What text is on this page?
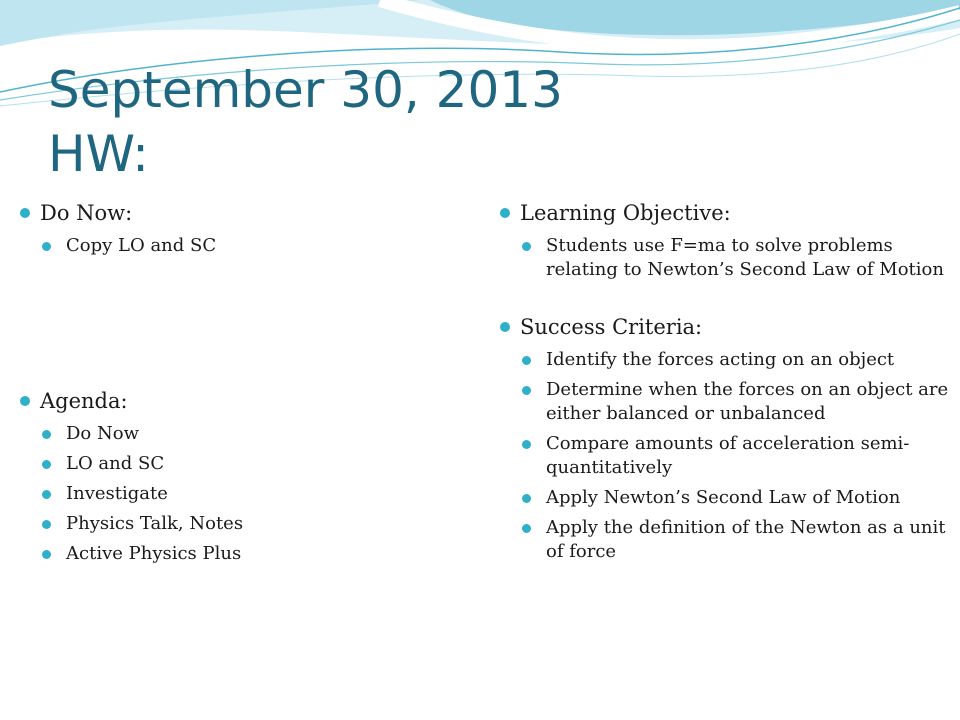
September 30, 2013
HW:

Do Now:

Copy LO and SC

Agenda:

Do Now

LO and SC

Investigate

Physics Talk, Notes

Active Physics Plus

Learning Objective:

Students use F=ma to solve problems relating to Newton’s Second Law of Motion

Success Criteria:

Identify the forces acting on an object

Determine when the forces on an object are either balanced or unbalanced

Compare amounts of acceleration semi-quantitatively

Apply Newton’s Second Law of Motion

Apply the definition of the Newton as a unit of force
